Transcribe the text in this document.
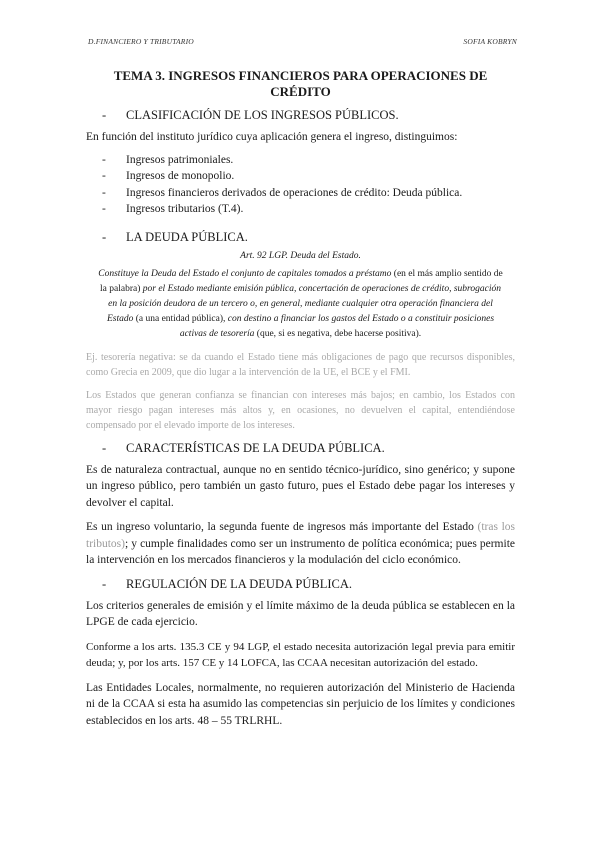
D.FINANCIERO Y TRIBUTARIO	SOFIA KOBRYN
TEMA 3. INGRESOS FINANCIEROS PARA OPERACIONES DE CRÉDITO
-	CLASIFICACIÓN DE LOS INGRESOS PÚBLICOS.

En función del instituto jurídico cuya aplicación genera el ingreso, distinguimos:

-	Ingresos patrimoniales.
-	Ingresos de monopolio.
-	Ingresos financieros derivados de operaciones de crédito: Deuda pública.
-	Ingresos tributarios (T.4).
-	LA DEUDA PÚBLICA.
Art. 92 LGP. Deuda del Estado.
Constituye la Deuda del Estado el conjunto de capitales tomados a préstamo (en el más amplio sentido de la palabra) por el Estado mediante emisión pública, concertación de operaciones de crédito, subrogación en la posición deudora de un tercero o, en general, mediante cualquier otra operación financiera del Estado (a una entidad pública), con destino a financiar los gastos del Estado o a constituir posiciones activas de tesorería (que, si es negativa, debe hacerse positiva).
Ej. tesorería negativa: se da cuando el Estado tiene más obligaciones de pago que recursos disponibles, como Grecia en 2009, que dio lugar a la intervención de la UE, el BCE y el FMI.
Los Estados que generan confianza se financian con intereses más bajos; en cambio, los Estados con mayor riesgo pagan intereses más altos y, en ocasiones, no devuelven el capital, entendiéndose compensado por el elevado importe de los intereses.
-	CARACTERÍSTICAS DE LA DEUDA PÚBLICA.

Es de naturaleza contractual, aunque no en sentido técnico-jurídico, sino genérico; y supone un ingreso público, pero también un gasto futuro, pues el Estado debe pagar los intereses y devolver el capital.

Es un ingreso voluntario, la segunda fuente de ingresos más importante del Estado (tras los tributos); y cumple finalidades como ser un instrumento de política económica; pues permite la intervención en los mercados financieros y la modulación del ciclo económico.

-	REGULACIÓN DE LA DEUDA PÚBLICA.

Los criterios generales de emisión y el límite máximo de la deuda pública se establecen en la LPGE de cada ejercicio.

Conforme a los arts. 135.3 CE y 94 LGP, el estado necesita autorización legal previa para emitir deuda; y, por los arts. 157 CE y 14 LOFCA, las CCAA necesitan autorización del estado.

Las Entidades Locales, normalmente, no requieren autorización del Ministerio de Hacienda ni de la CCAA si esta ha asumido las competencias sin perjuicio de los límites y condiciones establecidos en los arts. 48 – 55 TRLRHL.
